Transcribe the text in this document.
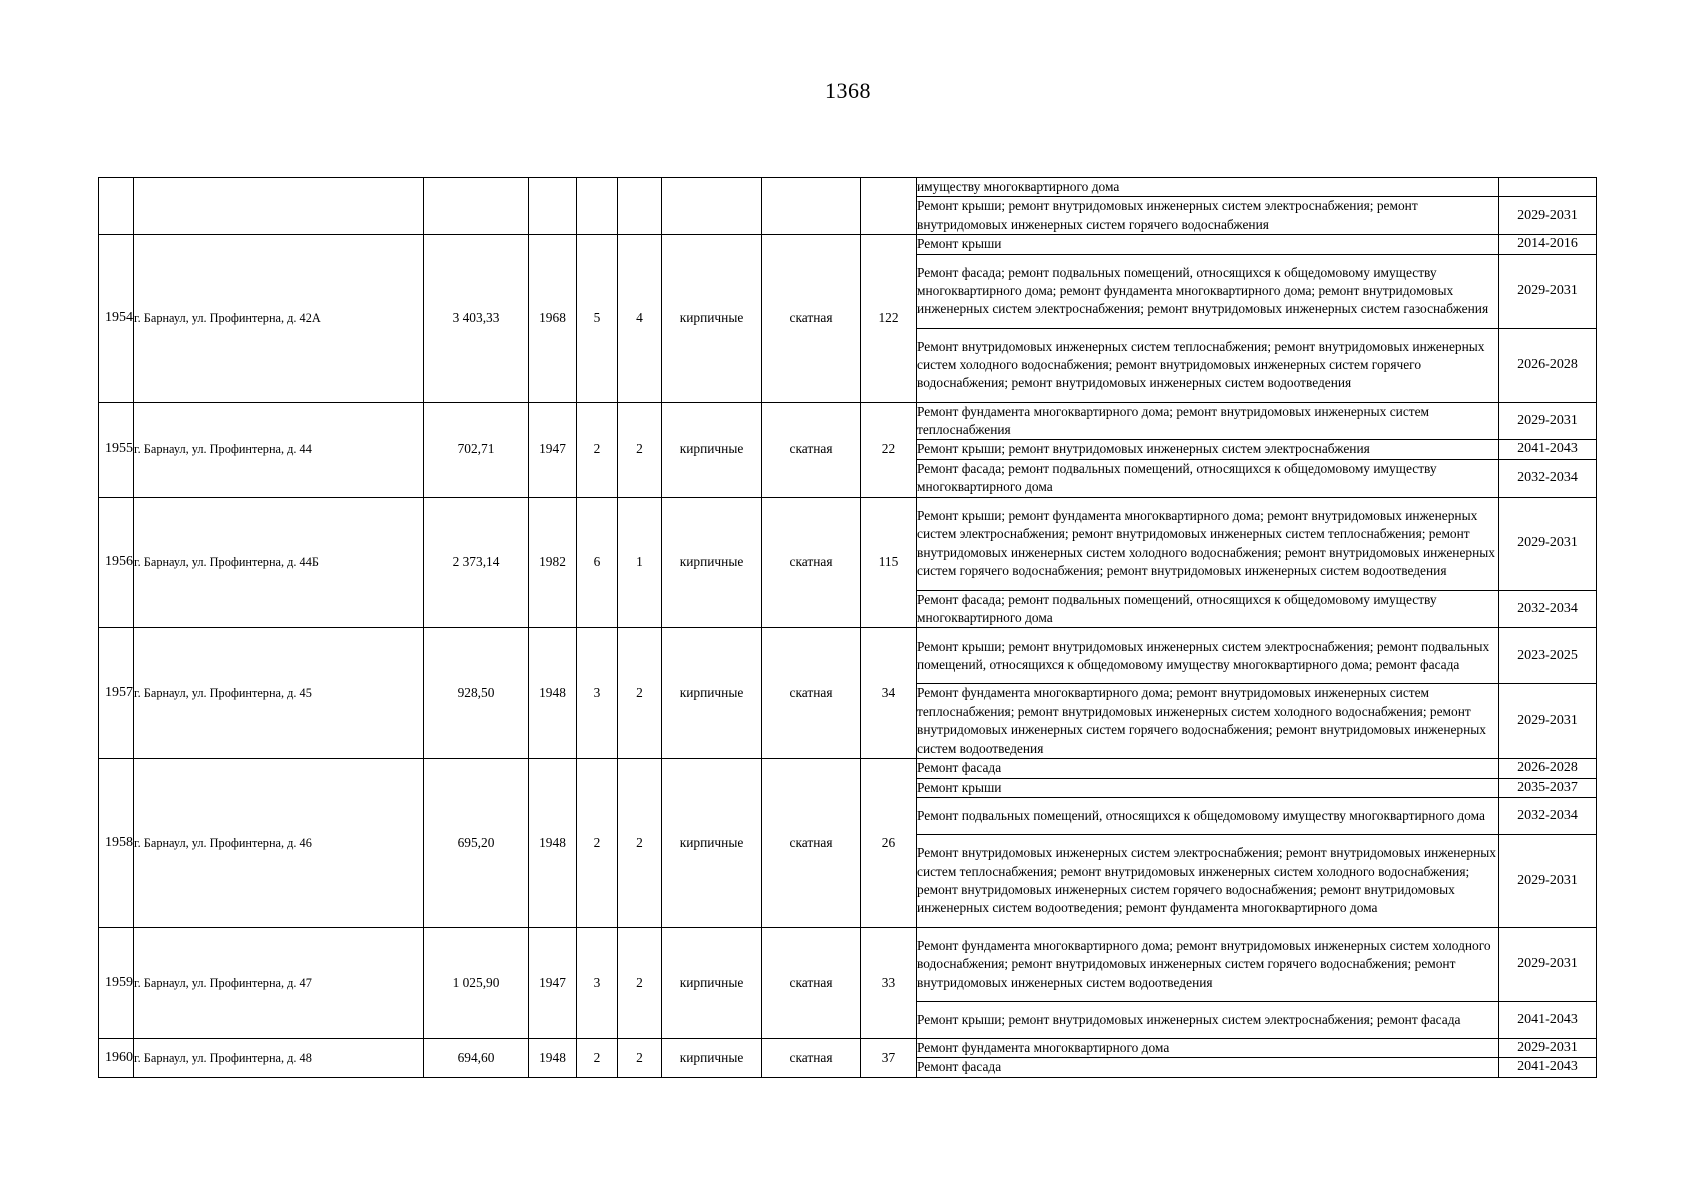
1368
									имуществу многоквартирного дома	
									Ремонт крыши; ремонт внутридомовых инженерных систем электроснабжения; ремонт внутридомовых инженерных систем горячего водоснабжения	2029-2031
1954	г. Барнаул, ул. Профинтерна, д. 42А	3 403,33	1968	5	4	кирпичные	скатная	122	Ремонт крыши	2014-2016
									Ремонт фасада; ремонт подвальных помещений, относящихся к общедомовому имуществу многоквартирного дома; ремонт фундамента многоквартирного дома; ремонт внутридомовых инженерных систем электроснабжения; ремонт внутридомовых инженерных систем газоснабжения	2029-2031
									Ремонт внутридомовых инженерных систем теплоснабжения; ремонт внутридомовых инженерных систем холодного водоснабжения; ремонт внутридомовых инженерных систем горячего водоснабжения; ремонт внутридомовых инженерных систем водоотведения	2026-2028
1955	г. Барнаул, ул. Профинтерна, д. 44	702,71	1947	2	2	кирпичные	скатная	22	Ремонт фундамента многоквартирного дома; ремонт внутридомовых инженерных систем теплоснабжения	2029-2031
									Ремонт крыши; ремонт внутридомовых инженерных систем электроснабжения	2041-2043
									Ремонт фасада; ремонт подвальных помещений, относящихся к общедомовому имуществу многоквартирного дома	2032-2034
1956	г. Барнаул, ул. Профинтерна, д. 44Б	2 373,14	1982	6	1	кирпичные	скатная	115	Ремонт крыши; ремонт фундамента многоквартирного дома; ремонт внутридомовых инженерных систем электроснабжения; ремонт внутридомовых инженерных систем теплоснабжения; ремонт внутридомовых инженерных систем холодного водоснабжения; ремонт внутридомовых инженерных систем горячего водоснабжения; ремонт внутридомовых инженерных систем водоотведения	2029-2031
									Ремонт фасада; ремонт подвальных помещений, относящихся к общедомовому имуществу многоквартирного дома	2032-2034
1957	г. Барнаул, ул. Профинтерна, д. 45	928,50	1948	3	2	кирпичные	скатная	34	Ремонт крыши; ремонт внутридомовых инженерных систем электроснабжения; ремонт подвальных помещений, относящихся к общедомовому имуществу многоквартирного дома; ремонт фасада	2023-2025
									Ремонт фундамента многоквартирного дома; ремонт внутридомовых инженерных систем теплоснабжения; ремонт внутридомовых инженерных систем холодного водоснабжения; ремонт внутридомовых инженерных систем горячего водоснабжения; ремонт внутридомовых инженерных систем водоотведения	2029-2031
1958	г. Барнаул, ул. Профинтерна, д. 46	695,20	1948	2	2	кирпичные	скатная	26	Ремонт фасада	2026-2028
									Ремонт крыши	2035-2037
									Ремонт подвальных помещений, относящихся к общедомовому имуществу многоквартирного дома	2032-2034
									Ремонт внутридомовых инженерных систем электроснабжения; ремонт внутридомовых инженерных систем теплоснабжения; ремонт внутридомовых инженерных систем холодного водоснабжения; ремонт внутридомовых инженерных систем горячего водоснабжения; ремонт внутридомовых инженерных систем водоотведения; ремонт фундамента многоквартирного дома	2029-2031
1959	г. Барнаул, ул. Профинтерна, д. 47	1 025,90	1947	3	2	кирпичные	скатная	33	Ремонт фундамента многоквартирного дома; ремонт внутридомовых инженерных систем холодного водоснабжения; ремонт внутридомовых инженерных систем горячего водоснабжения; ремонт внутридомовых инженерных систем водоотведения	2029-2031
									Ремонт крыши; ремонт внутридомовых инженерных систем электроснабжения; ремонт фасада	2041-2043
1960	г. Барнаул, ул. Профинтерна, д. 48	694,60	1948	2	2	кирпичные	скатная	37	Ремонт фундамента многоквартирного дома	2029-2031
									Ремонт фасада	2041-2043
